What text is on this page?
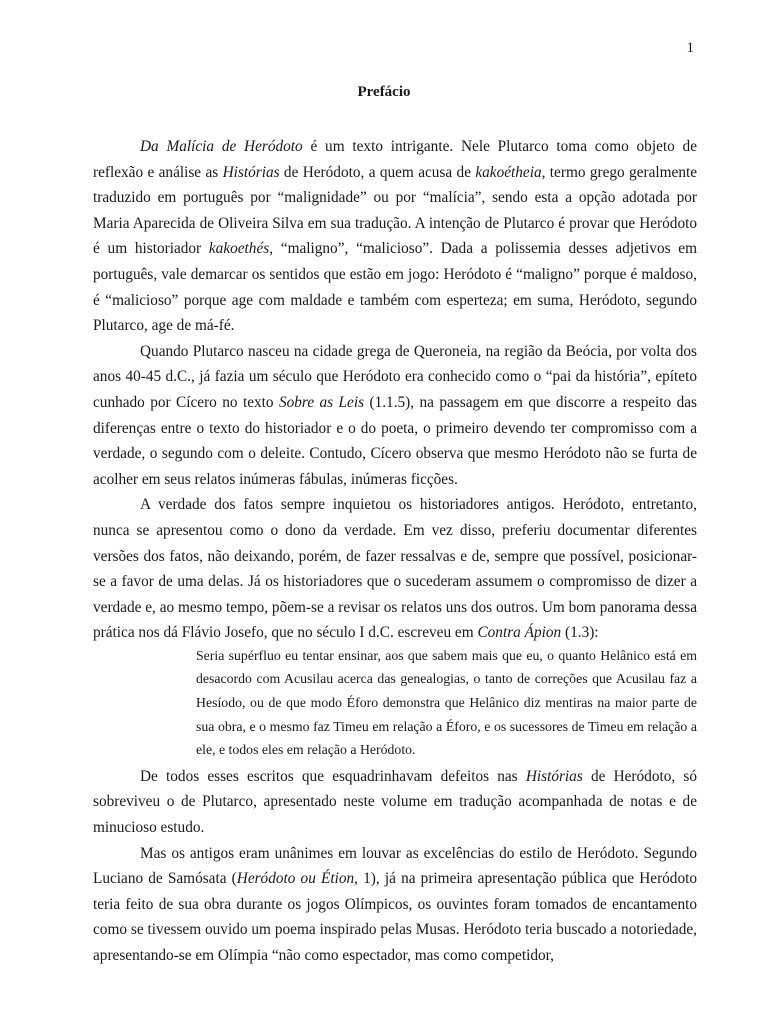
1
Prefácio

Da Malícia de Heródoto é um texto intrigante. Nele Plutarco toma como objeto de reflexão e análise as Histórias de Heródoto, a quem acusa de kakoétheia, termo grego geralmente traduzido em português por “malignidade” ou por “malícia”, sendo esta a opção adotada por Maria Aparecida de Oliveira Silva em sua tradução. A intenção de Plutarco é provar que Heródoto é um historiador kakoethés, “maligno”, “malicioso”. Dada a polissemia desses adjetivos em português, vale demarcar os sentidos que estão em jogo: Heródoto é “maligno” porque é maldoso, é “malicioso” porque age com maldade e também com esperteza; em suma, Heródoto, segundo Plutarco, age de má-fé.

Quando Plutarco nasceu na cidade grega de Queroneia, na região da Beócia, por volta dos anos 40-45 d.C., já fazia um século que Heródoto era conhecido como o “pai da história”, epíteto cunhado por Cícero no texto Sobre as Leis (1.1.5), na passagem em que discorre a respeito das diferenças entre o texto do historiador e o do poeta, o primeiro devendo ter compromisso com a verdade, o segundo com o deleite. Contudo, Cícero observa que mesmo Heródoto não se furta de acolher em seus relatos inúmeras fábulas, inúmeras ficções.

A verdade dos fatos sempre inquietou os historiadores antigos. Heródoto, entretanto, nunca se apresentou como o dono da verdade. Em vez disso, preferiu documentar diferentes versões dos fatos, não deixando, porém, de fazer ressalvas e de, sempre que possível, posicionar-se a favor de uma delas. Já os historiadores que o sucederam assumem o compromisso de dizer a verdade e, ao mesmo tempo, põem-se a revisar os relatos uns dos outros. Um bom panorama dessa prática nos dá Flávio Josefo, que no século I d.C. escreveu em Contra Ápion (1.3):

Seria supérfluo eu tentar ensinar, aos que sabem mais que eu, o quanto Helânico está em desacordo com Acusilau acerca das genealogias, o tanto de correções que Acusilau faz a Hesíodo, ou de que modo Éforo demonstra que Helânico diz mentiras na maior parte de sua obra, e o mesmo faz Timeu em relação a Éforo, e os sucessores de Timeu em relação a ele, e todos eles em relação a Heródoto.

De todos esses escritos que esquadrinhavam defeitos nas Histórias de Heródoto, só sobreviveu o de Plutarco, apresentado neste volume em tradução acompanhada de notas e de minucioso estudo.

Mas os antigos eram unânimes em louvar as excelências do estilo de Heródoto. Segundo Luciano de Samósata (Heródoto ou Étion, 1), já na primeira apresentação pública que Heródoto teria feito de sua obra durante os jogos Olímpicos, os ouvintes foram tomados de encantamento como se tivessem ouvido um poema inspirado pelas Musas. Heródoto teria buscado a notoriedade, apresentando-se em Olímpia “não como espectador, mas como competidor,
